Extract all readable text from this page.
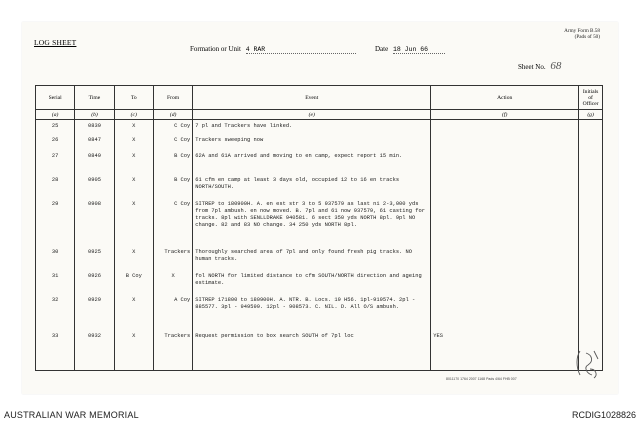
LOG SHEET
Army Form B.58
(Pads of 50)
Formation or Unit 4 RAR	Date 18 Jun 66
Sheet No. 68
Serial	Time	To	From	Event	Action	Initials of Officer
(a)	(b)	(c)	(d)	(e)	(f)	(g)
25	0839	X	C Coy	7 pl and Trackers have linked.		
26	0847	X	C Coy	Trackers sweeping now		
27	0849	X	B Coy	62A and 61A arrived and moving to en camp, expect report 15 min.		
28	0905	X	B Coy	61 cfm en camp at least 3 days old, occupied 12 to 16 en tracks NORTH/SOUTH.		
29	0908	X	C Coy	SITREP to 180900H. A. en est str 3 to 5 937579 as last ni 2-3,000 yds from 7pl ambush. en now moved. B. 7pl and 61 now 937579, 61 casting for tracks. 8pl with SENLLDRAKE 940581. 6 sect 350 yds NORTH 8pl. 9pl NO change. 82 and 83 NO change. 34 250 yds NORTH 8pl.		
30	0925	X	Trackers	Thoroughly searched area of 7pl and only found fresh pig tracks. NO human tracks.		
31	0926	B Coy	X	fol NORTH for limited distance to cfm SOUTH/NORTH direction and ageing estimate.		
32	0929	X	A Coy	SITREP 171800 to 180900H. A. NTR. B. Locs. 19 H56. 1pl-919574. 2pl - 885577. 3pl - 949599. 12pl - 908573. C. NIL. D. All O/S ambush.		
33	0932	X	Trackers	Request permission to box search SOUTH of 7pl loc	YES	

8011170 1764 2007 1168 Pads 4/64 FHB 007
AUSTRALIAN WAR MEMORIAL	RCDIG1028826
